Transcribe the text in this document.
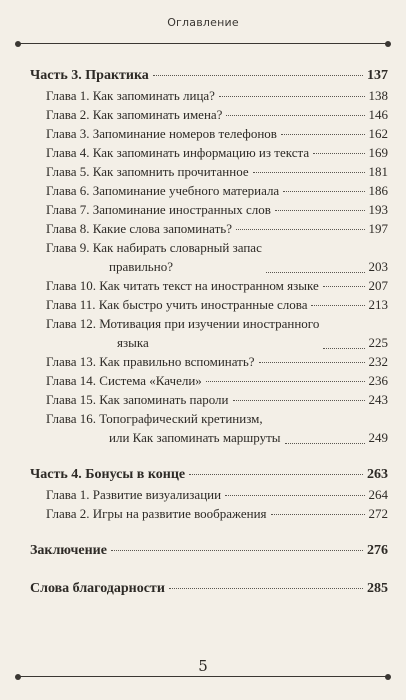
Оглавление
Часть 3. Практика	137
Глава 1. Как запоминать лица?	138
Глава 2. Как запоминать имена?	146
Глава 3. Запоминание номеров телефонов	162
Глава 4. Как запоминать информацию из текста	169
Глава 5. Как запомнить прочитанное	181
Глава 6. Запоминание учебного материала	186
Глава 7. Запоминание иностранных слов	193
Глава 8. Какие слова запоминать?	197
Глава 9. Как набирать словарный запас
правильно?	203
Глава 10. Как читать текст на иностранном языке	207
Глава 11. Как быстро учить иностранные слова	213
Глава 12. Мотивация при изучении иностранного
языка	225
Глава 13. Как правильно вспоминать?	232
Глава 14. Система «Качели»	236
Глава 15. Как запоминать пароли	243
Глава 16. Топографический кретинизм,
или Как запоминать маршруты	249
Часть 4. Бонусы в конце	263
Глава 1. Развитие визуализации	264
Глава 2. Игры на развитие воображения	272
Заключение	276
Слова благодарности	285
5
